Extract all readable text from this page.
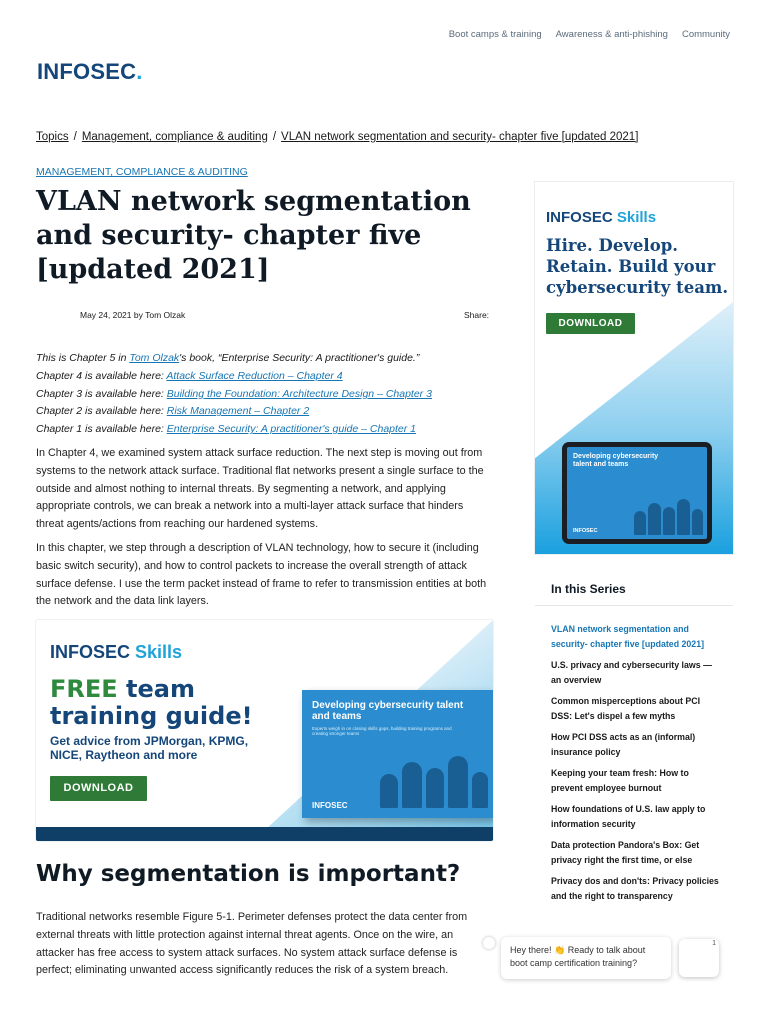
Boot camps & training Awareness & anti-phishing Community
INFOSEC.
Topics / Management, compliance & auditing / VLAN network segmentation and security- chapter five [updated 2021]
MANAGEMENT, COMPLIANCE & AUDITING
VLAN network segmentation and security- chapter five [updated 2021]
May 24, 2021 by Tom Olzak	Share:
This is Chapter 5 in Tom Olzak's book, “Enterprise Security: A practitioner's guide.”
Chapter 4 is available here: Attack Surface Reduction – Chapter 4
Chapter 3 is available here: Building the Foundation: Architecture Design – Chapter 3
Chapter 2 is available here: Risk Management – Chapter 2
Chapter 1 is available here: Enterprise Security: A practitioner's guide – Chapter 1

In Chapter 4, we examined system attack surface reduction. The next step is moving out from systems to the network attack surface. Traditional flat networks present a single surface to the outside and almost nothing to internal threats. By segmenting a network, and applying appropriate controls, we can break a network into a multi-layer attack surface that hinders threat agents/actions from reaching our hardened systems.

In this chapter, we step through a description of VLAN technology, how to secure it (including basic switch security), and how to control packets to increase the overall strength of attack surface defense. I use the term packet instead of frame to refer to transmission entities at both the network and the data link layers.

INFOSEC Skills
FREE team
training guide!
Get advice from JPMorgan, KPMG, NICE, Raytheon and more
DOWNLOAD
Developing cybersecurity talent and teams
Experts weigh in on closing skills gaps, building training programs and creating stronger teams
INFOSEC
Why segmentation is important?

Traditional networks resemble Figure 5-1. Perimeter defenses protect the data center from external threats with little protection against internal threat agents. Once on the wire, an attacker has free access to system attack surfaces. No system attack surface defense is perfect; eliminating unwanted access significantly reduces the risk of a system breach.

INFOSEC Skills
Hire. Develop. Retain. Build your cybersecurity team.
DOWNLOAD
Developing cybersecurity talent and teams
INFOSEC
In this Series
VLAN network segmentation and security- chapter five [updated 2021]
U.S. privacy and cybersecurity laws — an overview
Common misperceptions about PCI DSS: Let's dispel a few myths
How PCI DSS acts as an (informal) insurance policy
Keeping your team fresh: How to prevent employee burnout
How foundations of U.S. law apply to information security
Data protection Pandora's Box: Get privacy right the first time, or else
Privacy dos and don'ts: Privacy policies and the right to transparency
Hey there! 👏 Ready to talk about boot camp certification training?
1
